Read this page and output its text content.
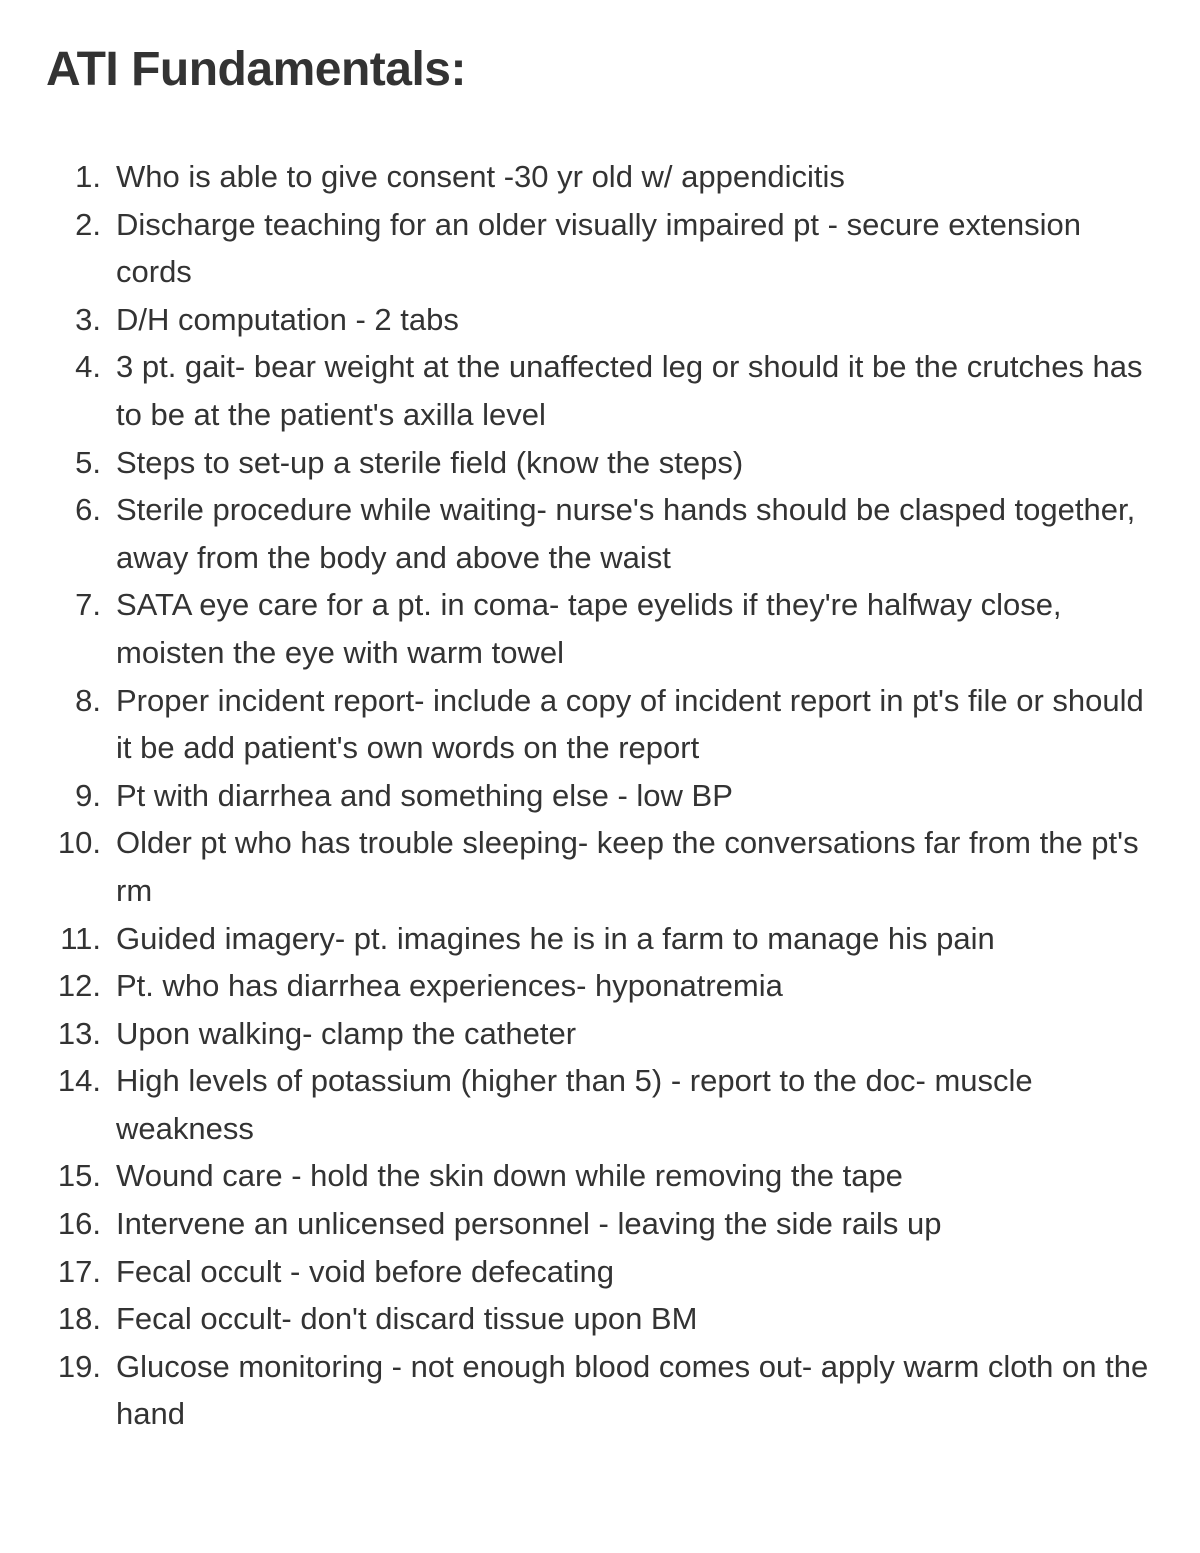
ATI Fundamentals:
1. Who is able to give consent -30 yr old w/ appendicitis
2. Discharge teaching for an older visually impaired pt - secure extension cords
3. D/H computation - 2 tabs
4. 3 pt. gait- bear weight at the unaffected leg or should it be the crutches has to be at the patient's axilla level
5. Steps to set-up a sterile field (know the steps)
6. Sterile procedure while waiting- nurse's hands should be clasped together, away from the body and above the waist
7. SATA eye care for a pt. in coma- tape eyelids if they're halfway close, moisten the eye with warm towel
8. Proper incident report- include a copy of incident report in pt's file or should it be add patient's own words on the report
9. Pt with diarrhea and something else - low BP
10. Older pt who has trouble sleeping- keep the conversations far from the pt's rm
11. Guided imagery- pt. imagines he is in a farm to manage his pain
12. Pt. who has diarrhea experiences- hyponatremia
13. Upon walking- clamp the catheter
14. High levels of potassium (higher than 5) - report to the doc- muscle weakness
15. Wound care - hold the skin down while removing the tape
16. Intervene an unlicensed personnel - leaving the side rails up
17. Fecal occult - void before defecating
18. Fecal occult- don't discard tissue upon BM
19. Glucose monitoring - not enough blood comes out- apply warm cloth on the hand
